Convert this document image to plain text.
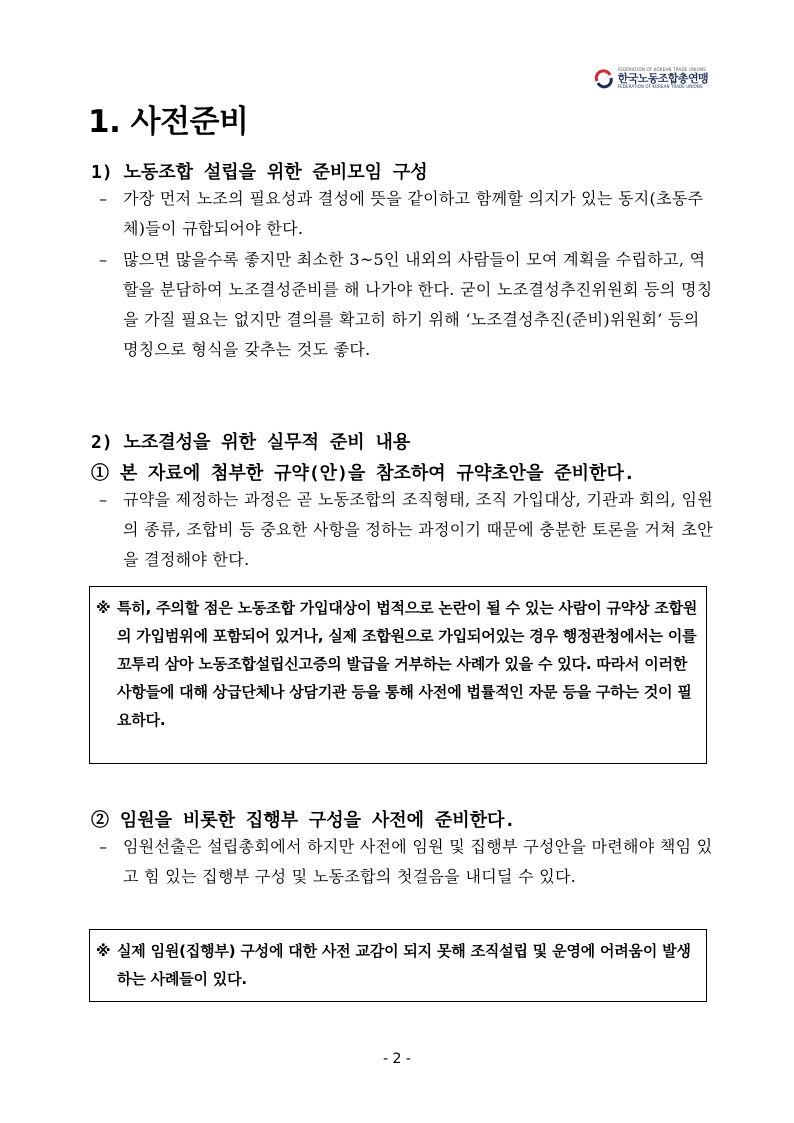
FEDERATION OF KOREAN TRADE UNIONS
한국노동조합총연맹
FEDERATION OF KOREAN TRADE UNIONS
1. 사전준비
1) 노동조합 설립을 위한 준비모임 구성

– 가장 먼저 노조의 필요성과 결성에 뜻을 같이하고 함께할 의지가 있는 동지(초동주체)들이 규합되어야 한다.

– 많으면 많을수록 좋지만 최소한 3~5인 내외의 사람들이 모여 계획을 수립하고, 역할을 분담하여 노조결성준비를 해 나가야 한다. 굳이 노조결성추진위원회 등의 명칭을 가질 필요는 없지만 결의를 확고히 하기 위해 ‘노조결성추진(준비)위원회’ 등의 명칭으로 형식을 갖추는 것도 좋다.

2) 노조결성을 위한 실무적 준비 내용
① 본 자료에 첨부한 규약(안)을 참조하여 규약초안을 준비한다.

– 규약을 제정하는 과정은 곧 노동조합의 조직형태, 조직 가입대상, 기관과 회의, 임원의 종류, 조합비 등 중요한 사항을 정하는 과정이기 때문에 충분한 토론을 거쳐 초안을 결정해야 한다.

※ 특히, 주의할 점은 노동조합 가입대상이 법적으로 논란이 될 수 있는 사람이 규약상 조합원의 가입범위에 포함되어 있거나, 실제 조합원으로 가입되어있는 경우 행정관청에서는 이를 꼬투리 삼아 노동조합설립신고증의 발급을 거부하는 사례가 있을 수 있다. 따라서 이러한 사항들에 대해 상급단체나 상담기관 등을 통해 사전에 법률적인 자문 등을 구하는 것이 필요하다.

② 임원을 비롯한 집행부 구성을 사전에 준비한다.

– 임원선출은 설립총회에서 하지만 사전에 임원 및 집행부 구성안을 마련해야 책임 있고 힘 있는 집행부 구성 및 노동조합의 첫걸음을 내디딜 수 있다.

※ 실제 임원(집행부) 구성에 대한 사전 교감이 되지 못해 조직설립 및 운영에 어려움이 발생하는 사례들이 있다.

- 2 -
